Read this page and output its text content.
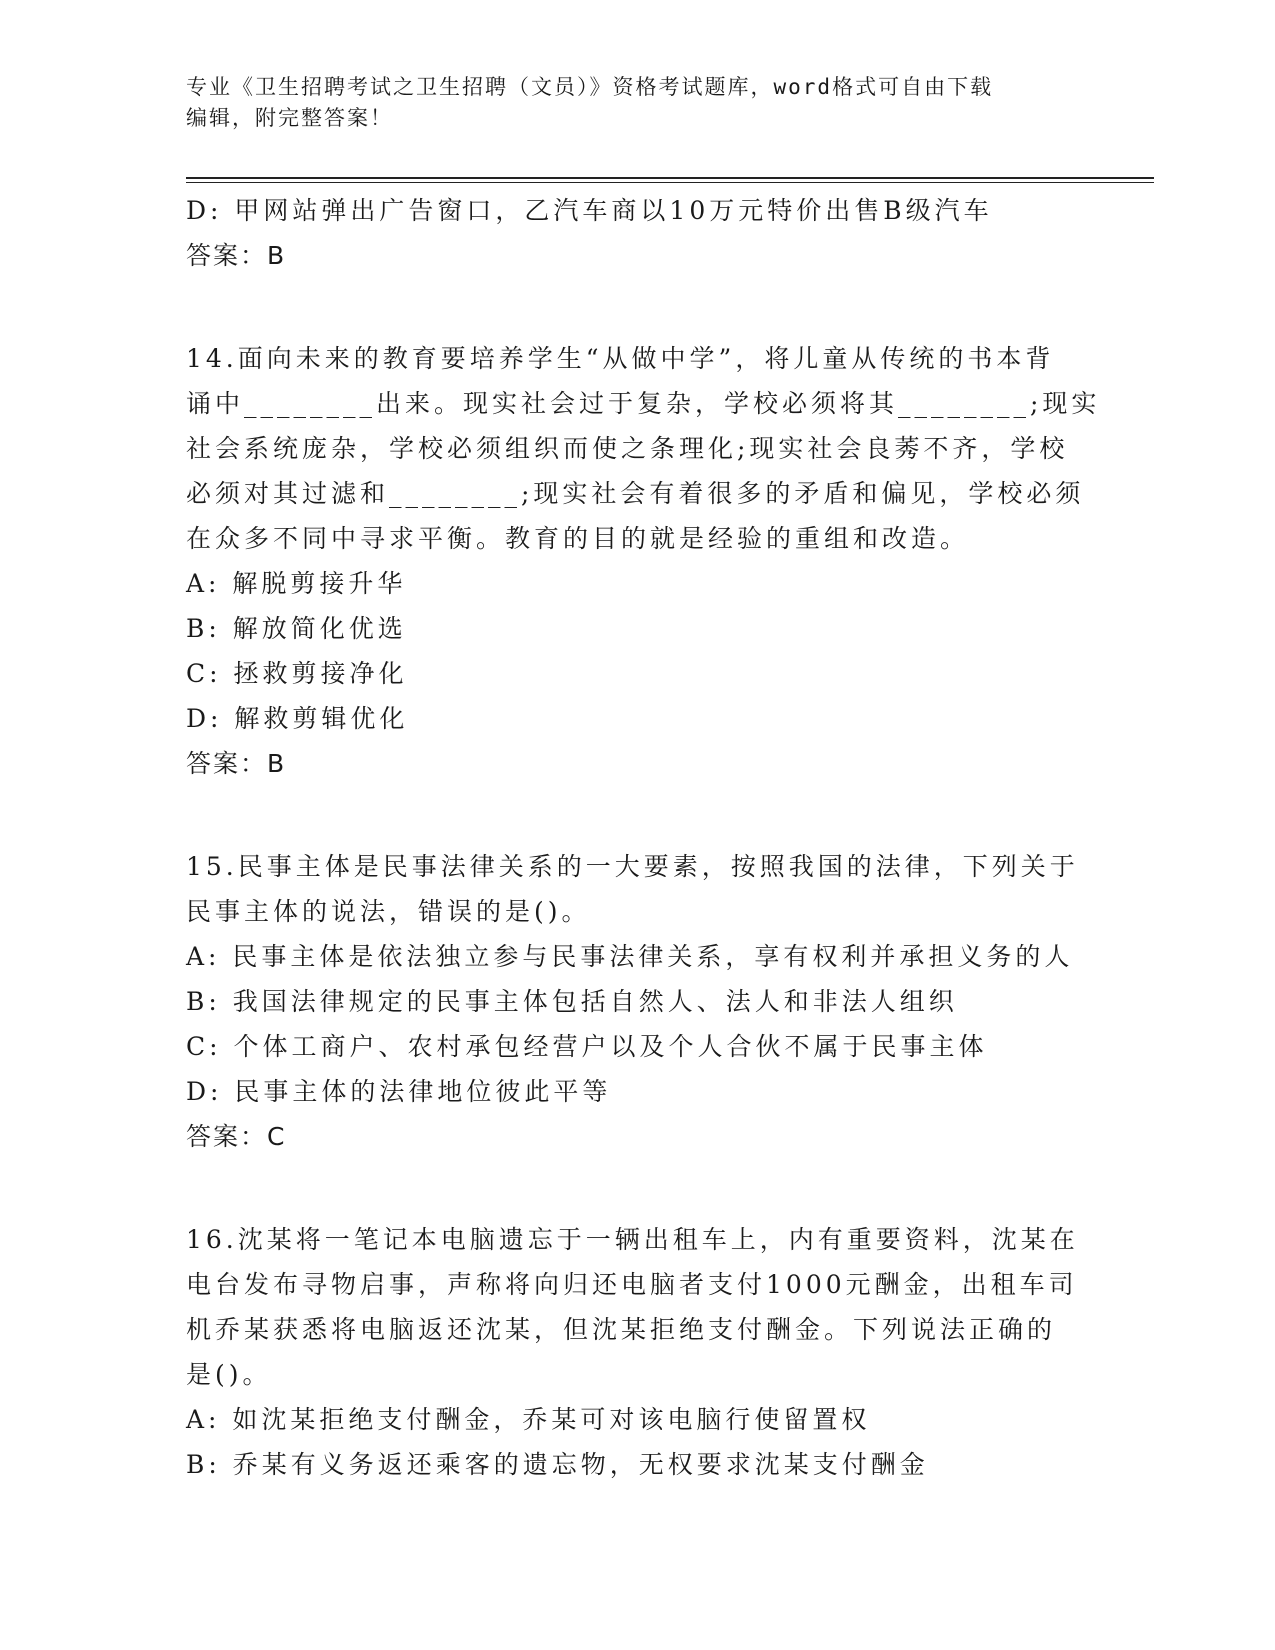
专业《卫生招聘考试之卫生招聘（文员）》资格考试题库，word格式可自由下载
编辑，附完整答案！
D: 甲网站弹出广告窗口，乙汽车商以10万元特价出售B级汽车
答案：B
14.面向未来的教育要培养学生“从做中学”，将儿童从传统的书本背
诵中________出来。现实社会过于复杂，学校必须将其________;现实
社会系统庞杂，学校必须组织而使之条理化;现实社会良莠不齐，学校
必须对其过滤和________;现实社会有着很多的矛盾和偏见，学校必须
在众多不同中寻求平衡。教育的目的就是经验的重组和改造。
A: 解脱剪接升华
B: 解放简化优选
C: 拯救剪接净化
D: 解救剪辑优化
答案：B
15.民事主体是民事法律关系的一大要素，按照我国的法律，下列关于
民事主体的说法，错误的是()。
A: 民事主体是依法独立参与民事法律关系，享有权利并承担义务的人
B: 我国法律规定的民事主体包括自然人、法人和非法人组织
C: 个体工商户、农村承包经营户以及个人合伙不属于民事主体
D: 民事主体的法律地位彼此平等
答案：C
16.沈某将一笔记本电脑遗忘于一辆出租车上，内有重要资料，沈某在
电台发布寻物启事，声称将向归还电脑者支付1000元酬金，出租车司
机乔某获悉将电脑返还沈某，但沈某拒绝支付酬金。下列说法正确的
是()。
A: 如沈某拒绝支付酬金，乔某可对该电脑行使留置权
B: 乔某有义务返还乘客的遗忘物，无权要求沈某支付酬金
